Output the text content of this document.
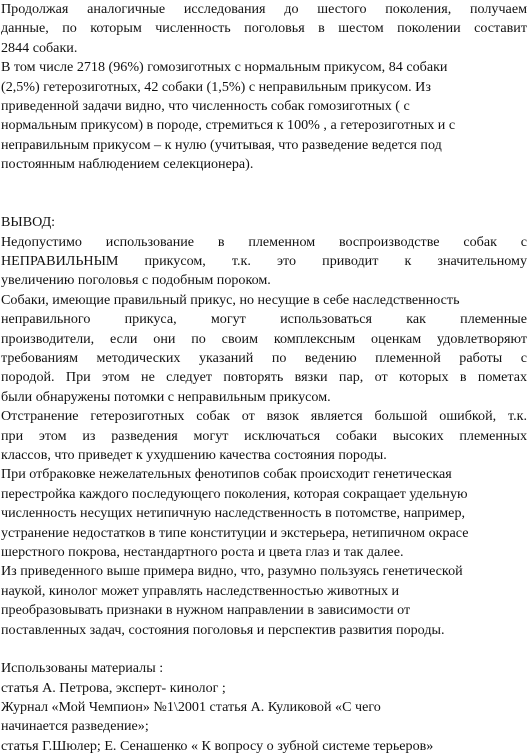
Продолжая аналогичные исследования до шестого поколения, получаем
данные, по которым численность поголовья в шестом поколении составит
2844 собаки.
В том числе 2718 (96%) гомозиготных с нормальным прикусом, 84 собаки
(2,5%) гетерозиготных, 42 собаки (1,5%) с неправильным прикусом. Из
приведенной задачи видно, что численность собак гомозиготных ( с
нормальным прикусом) в породе, стремиться к 100% , а гетерозиготных и с
неправильным прикусом – к нулю (учитывая, что разведение ведется под
постоянным наблюдением селекционера).
ВЫВОД:
Недопустимо использование в племенном воспроизводстве собак с
НЕПРАВИЛЬНЫМ прикусом, т.к. это приводит к значительному
увеличению поголовья с подобным пороком.
Собаки, имеющие правильный прикус, но несущие в себе наследственность
неправильного прикуса, могут использоваться как племенные
производители, если они по своим комплексным оценкам удовлетворяют
требованиям методических указаний по ведению племенной работы с
породой. При этом не следует повторять вязки пар, от которых в пометах
были обнаружены потомки с неправильным прикусом.
Отстранение гетерозиготных собак от вязок является большой ошибкой, т.к.
при этом из разведения могут исключаться собаки высоких племенных
классов, что приведет к ухудшению качества состояния породы.
При отбраковке нежелательных фенотипов собак происходит генетическая
перестройка каждого последующего поколения, которая сокращает удельную
численность несущих нетипичную наследственность в потомстве, например,
устранение недостатков в типе конституции и экстерьера, нетипичном окрасе
шерстного покрова, нестандартного роста и цвета глаз и так далее.
Из приведенного выше примера видно, что, разумно пользуясь генетической
наукой, кинолог может управлять наследственностью животных и
преобразовывать признаки в нужном направлении в зависимости от
поставленных задач, состояния поголовья и перспектив развития породы.
Использованы материалы :
статья А. Петрова, эксперт- кинолог ;
Журнал «Мой Чемпион» №1\2001 статья А. Куликовой «С чего
начинается разведение»;
статья Г.Шюлер; Е. Сенашенко « К вопросу о зубной системе терьеров»
